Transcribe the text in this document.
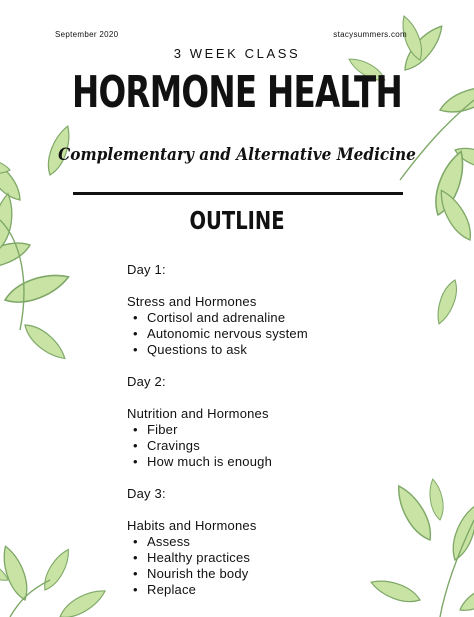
September 2020	stacysummers.com
3 WEEK CLASS
HORMONE HEALTH
Complementary and Alternative Medicine
OUTLINE

Day 1:

Stress and Hormones

• Cortisol and adrenaline
• Autonomic nervous system
• Questions to ask

Day 2:

Nutrition and Hormones

• Fiber
• Cravings
• How much is enough

Day 3:

Habits and Hormones

• Assess
• Healthy practices
• Nourish the body
• Replace
